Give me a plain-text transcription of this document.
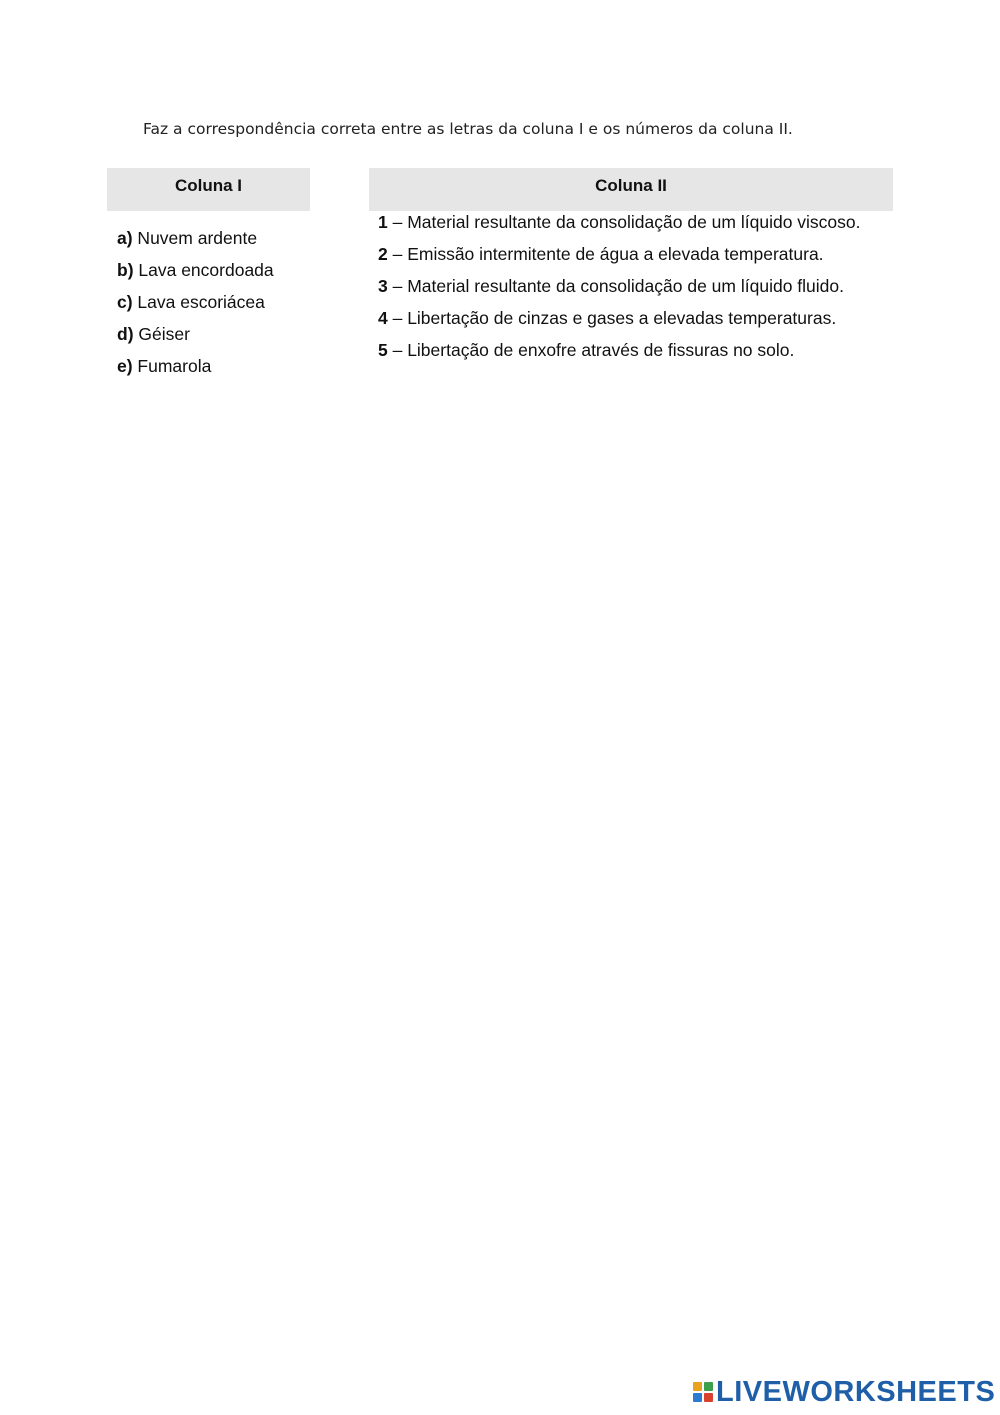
Faz a correspondência correta entre as letras da coluna I e os números da coluna II.
Coluna I	Coluna II
a) Nuvem ardente
b) Lava encordoada
c) Lava escoriácea
d) Géiser
e) Fumarola
1 – Material resultante da consolidação de um líquido viscoso.
2 – Emissão intermitente de água a elevada temperatura.
3 – Material resultante da consolidação de um líquido fluido.
4 – Libertação de cinzas e gases a elevadas temperaturas.
5 – Libertação de enxofre através de fissuras no solo.
LIVEWORKSHEETS
